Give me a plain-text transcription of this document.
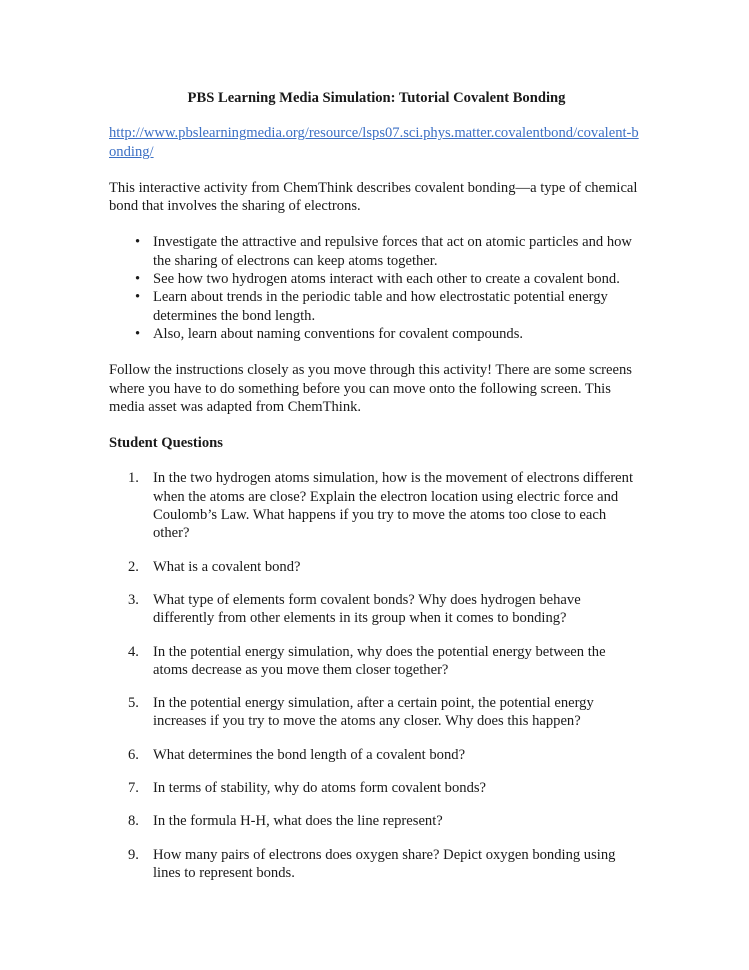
PBS Learning Media Simulation: Tutorial Covalent Bonding
http://www.pbslearningmedia.org/resource/lsps07.sci.phys.matter.covalentbond/covalent-bonding/

This interactive activity from ChemThink describes covalent bonding—a type of chemical bond that involves the sharing of electrons.

• Investigate the attractive and repulsive forces that act on atomic particles and how the sharing of electrons can keep atoms together.
• See how two hydrogen atoms interact with each other to create a covalent bond.
• Learn about trends in the periodic table and how electrostatic potential energy determines the bond length.
• Also, learn about naming conventions for covalent compounds.

Follow the instructions closely as you move through this activity! There are some screens where you have to do something before you can move onto the following screen. This media asset was adapted from ChemThink.

Student Questions
1. In the two hydrogen atoms simulation, how is the movement of electrons different when the atoms are close? Explain the electron location using electric force and Coulomb’s Law. What happens if you try to move the atoms too close to each other?
2. What is a covalent bond?
3. What type of elements form covalent bonds? Why does hydrogen behave differently from other elements in its group when it comes to bonding?
4. In the potential energy simulation, why does the potential energy between the atoms decrease as you move them closer together?
5. In the potential energy simulation, after a certain point, the potential energy increases if you try to move the atoms any closer. Why does this happen?
6. What determines the bond length of a covalent bond?
7. In terms of stability, why do atoms form covalent bonds?
8. In the formula H-H, what does the line represent?
9. How many pairs of electrons does oxygen share? Depict oxygen bonding using lines to represent bonds.
